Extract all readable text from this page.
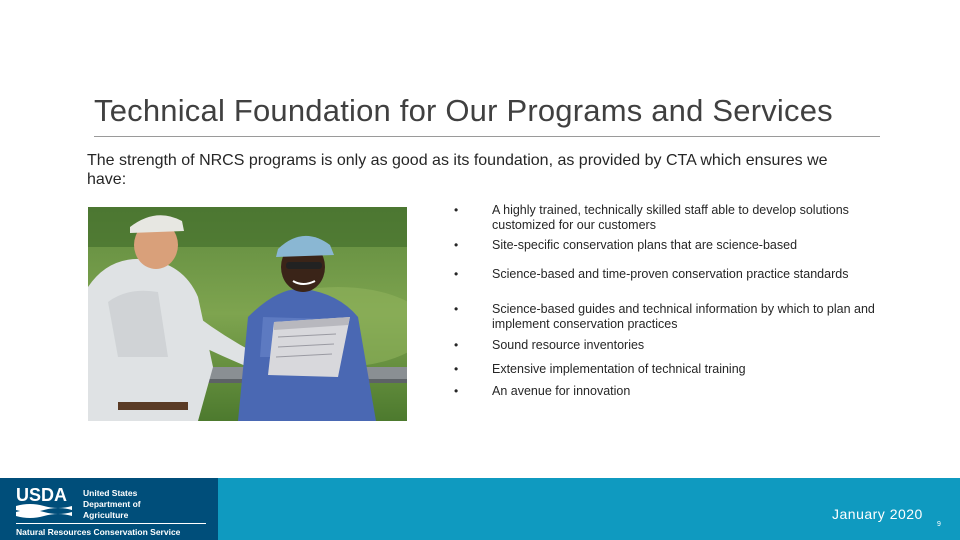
Technical Foundation for Our Programs and Services
The strength of NRCS programs is only as good as its foundation, as provided by CTA which ensures we have:
•	A highly trained, technically skilled staff able to develop solutions customized for our customers
•	Site-specific conservation plans that are science-based
•	Science-based and time-proven conservation practice standards
•	Science-based guides and technical information by which to plan and implement conservation practices
•	Sound resource inventories
•	Extensive implementation of technical training
•	An avenue for innovation
USDA United States
Department of
Agriculture
Natural Resources Conservation Service
January 2020
9
